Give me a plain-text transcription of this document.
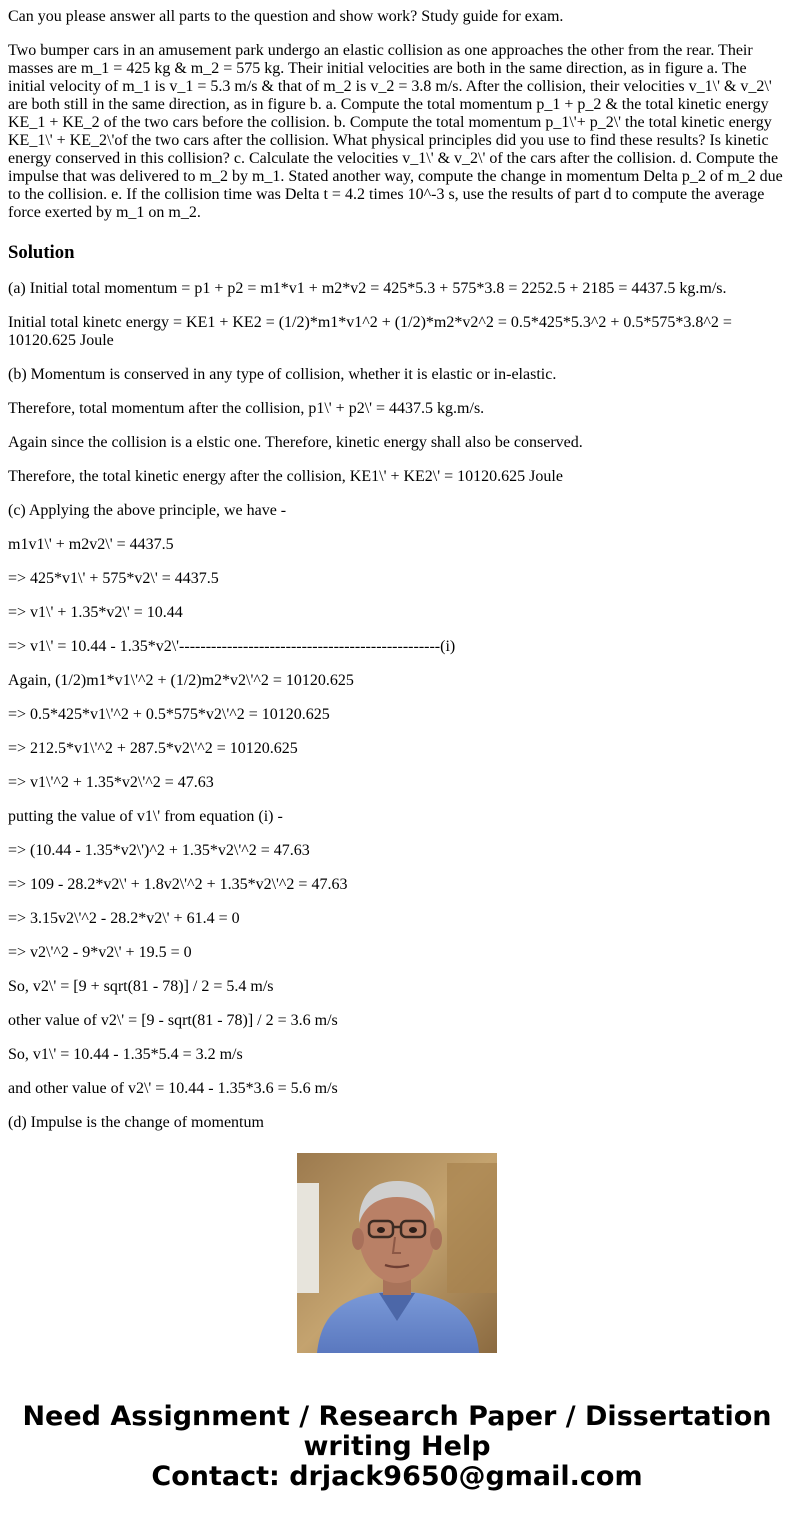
Can you please answer all parts to the question and show work? Study guide for exam.

Two bumper cars in an amusement park undergo an elastic collision as one approaches the other from the rear. Their masses are m_1 = 425 kg & m_2 = 575 kg. Their initial velocities are both in the same direction, as in figure a. The initial velocity of m_1 is v_1 = 5.3 m/s & that of m_2 is v_2 = 3.8 m/s. After the collision, their velocities v_1\' & v_2\' are both still in the same direction, as in figure b. a. Compute the total momentum p_1 + p_2 & the total kinetic energy KE_1 + KE_2 of the two cars before the collision. b. Compute the total momentum p_1\'+ p_2\' the total kinetic energy KE_1\' + KE_2\'of the two cars after the collision. What physical principles did you use to find these results? Is kinetic energy conserved in this collision? c. Calculate the velocities v_1\' & v_2\' of the cars after the collision. d. Compute the impulse that was delivered to m_2 by m_1. Stated another way, compute the change in momentum Delta p_2 of m_2 due to the collision. e. If the collision time was Delta t = 4.2 times 10^-3 s, use the results of part d to compute the average force exerted by m_1 on m_2.

Solution

(a) Initial total momentum = p1 + p2 = m1*v1 + m2*v2 = 425*5.3 + 575*3.8 = 2252.5 + 2185 = 4437.5 kg.m/s.

Initial total kinetc energy = KE1 + KE2 = (1/2)*m1*v1^2 + (1/2)*m2*v2^2 = 0.5*425*5.3^2 + 0.5*575*3.8^2 = 10120.625 Joule

(b) Momentum is conserved in any type of collision, whether it is elastic or in-elastic.

Therefore, total momentum after the collision, p1\' + p2\' = 4437.5 kg.m/s.

Again since the collision is a elstic one. Therefore, kinetic energy shall also be conserved.

Therefore, the total kinetic energy after the collision, KE1\' + KE2\' = 10120.625 Joule

(c) Applying the above principle, we have -

m1v1\' + m2v2\' = 4437.5

=> 425*v1\' + 575*v2\' = 4437.5

=> v1\' + 1.35*v2\' = 10.44

=> v1\' = 10.44 - 1.35*v2\'-------------------------------------------------(i)

Again, (1/2)m1*v1\'^2 + (1/2)m2*v2\'^2 = 10120.625

=> 0.5*425*v1\'^2 + 0.5*575*v2\'^2 = 10120.625

=> 212.5*v1\'^2 + 287.5*v2\'^2 = 10120.625

=> v1\'^2 + 1.35*v2\'^2 = 47.63

putting the value of v1\' from equation (i) -

=> (10.44 - 1.35*v2\')^2 + 1.35*v2\'^2 = 47.63

=> 109 - 28.2*v2\' + 1.8v2\'^2 + 1.35*v2\'^2 = 47.63

=> 3.15v2\'^2 - 28.2*v2\' + 61.4 = 0

=> v2\'^2 - 9*v2\' + 19.5 = 0

So, v2\' = [9 + sqrt(81 - 78)] / 2 = 5.4 m/s

other value of v2\' = [9 - sqrt(81 - 78)] / 2 = 3.6 m/s

So, v1\' = 10.44 - 1.35*5.4 = 3.2 m/s

and other value of v2\' = 10.44 - 1.35*3.6 = 5.6 m/s

(d) Impulse is the change of momentum

Need Assignment / Research Paper / Dissertation
writing Help
Contact: drjack9650@gmail.com
